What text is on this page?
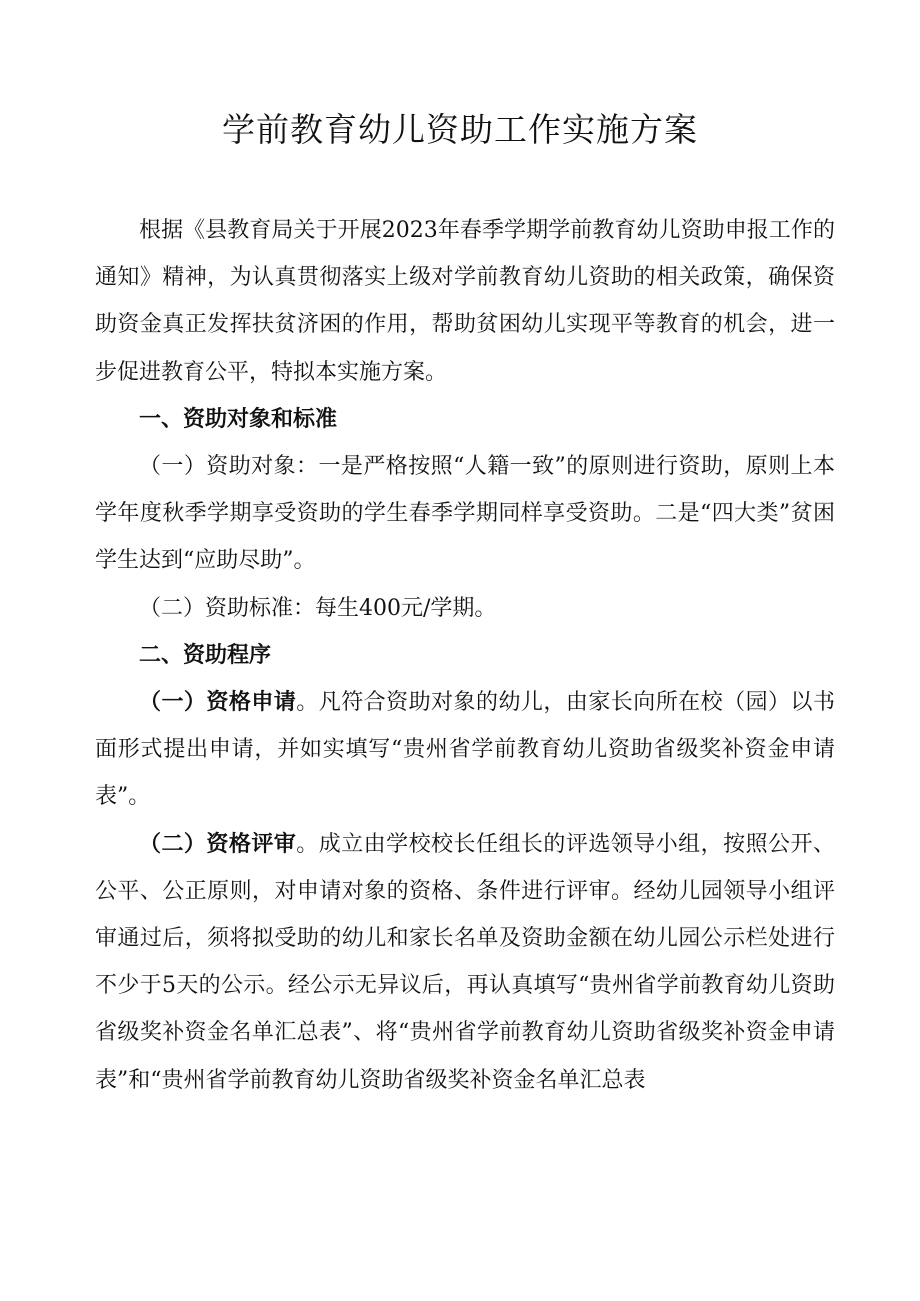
学前教育幼儿资助工作实施方案

根据《县教育局关于开展2023年春季学期学前教育幼儿资助申报工作的通知》精神，为认真贯彻落实上级对学前教育幼儿资助的相关政策，确保资助资金真正发挥扶贫济困的作用，帮助贫困幼儿实现平等教育的机会，进一步促进教育公平，特拟本实施方案。

一、资助对象和标准

（一）资助对象：一是严格按照“人籍一致”的原则进行资助，原则上本学年度秋季学期享受资助的学生春季学期同样享受资助。二是“四大类”贫困学生达到“应助尽助”。

（二）资助标准：每生400元/学期。

二、资助程序

（一）资格申请。凡符合资助对象的幼儿，由家长向所在校（园）以书面形式提出申请，并如实填写“贵州省学前教育幼儿资助省级奖补资金申请表”。

（二）资格评审。成立由学校校长任组长的评选领导小组，按照公开、公平、公正原则，对申请对象的资格、条件进行评审。经幼儿园领导小组评审通过后，须将拟受助的幼儿和家长名单及资助金额在幼儿园公示栏处进行不少于5天的公示。经公示无异议后，再认真填写“贵州省学前教育幼儿资助省级奖补资金名单汇总表”、将“贵州省学前教育幼儿资助省级奖补资金申请表”和“贵州省学前教育幼儿资助省级奖补资金名单汇总表
